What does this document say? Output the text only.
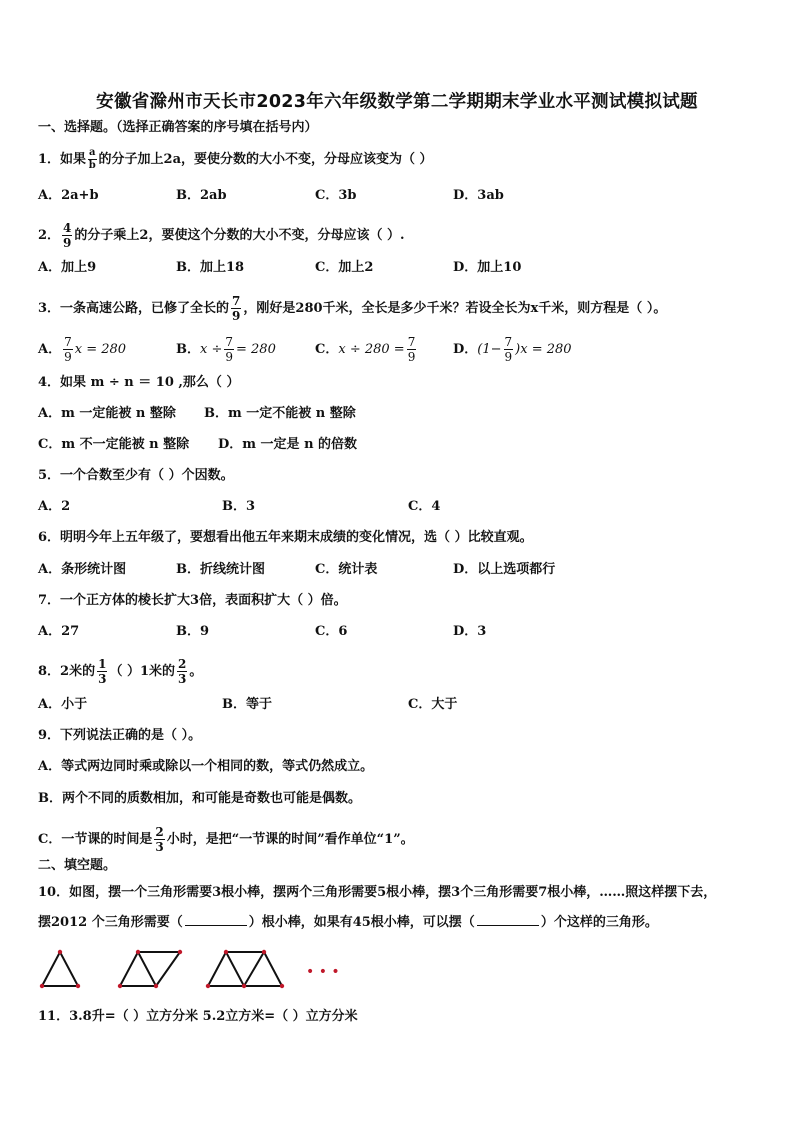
安徽省滁州市天长市2023年六年级数学第二学期期末学业水平测试模拟试题
一、选择题。（选择正确答案的序号填在括号内）
1．如果 $\frac{a}{b}$ 的分子加上2a，要使分数的大小不变，分母应该变为（ ）
A．2a+b	B．2ab	C．3b	D．3ab
2． $\frac{4}{9}$ 的分子乘上2，要使这个分数的大小不变，分母应该（ ）.
A．加上9	B．加上18	C．加上2	D．加上10
3．一条高速公路，已修了全长的 $\frac{7}{9}$ ，刚好是280千米，全长是多少千米？若设全长为x千米，则方程是（ ）。
A． $\frac{7}{9}$ x = 280	B．$x \div \frac{7}{9} = 280$	C．$x \div 280 = \frac{7}{9}$	D．$(1- \frac{7}{9} )x = 280$
4．如果 m ÷ n ＝ 10 ,那么（ ）
A．m 一定能被 n 整除 B．m 一定不能被 n 整除
C．m 不一定能被 n 整除 D．m 一定是 n 的倍数
5．一个合数至少有（ ）个因数。
A．2	B．3	C．4
6．明明今年上五年级了，要想看出他五年来期末成绩的变化情况，选（ ）比较直观。
A．条形统计图	B．折线统计图	C．统计表	D．以上选项都行
7．一个正方体的棱长扩大3倍，表面积扩大（ ）倍。
A．27	B．9	C．6	D．3
8．2米的 $\frac{1}{3}$ （ ）1米的 $\frac{2}{3}$ 。
A．小于	B．等于	C．大于
9．下列说法正确的是（ ）。
A．等式两边同时乘或除以一个相同的数，等式仍然成立。
B．两个不同的质数相加，和可能是奇数也可能是偶数。
C．一节课的时间是 $\frac{2}{3}$ 小时，是把“一节课的时间”看作单位“1”。
二、填空题。
10．如图，摆一个三角形需要3根小棒，摆两个三角形需要5根小棒，摆3个三角形需要7根小棒，……照这样摆下去，
摆2012 个三角形需要（	）根小棒，如果有45根小棒，可以摆（	）个这样的三角形。
• • •
11．3.8升=（ ）立方分米 5.2立方米=（ ）立方分米
